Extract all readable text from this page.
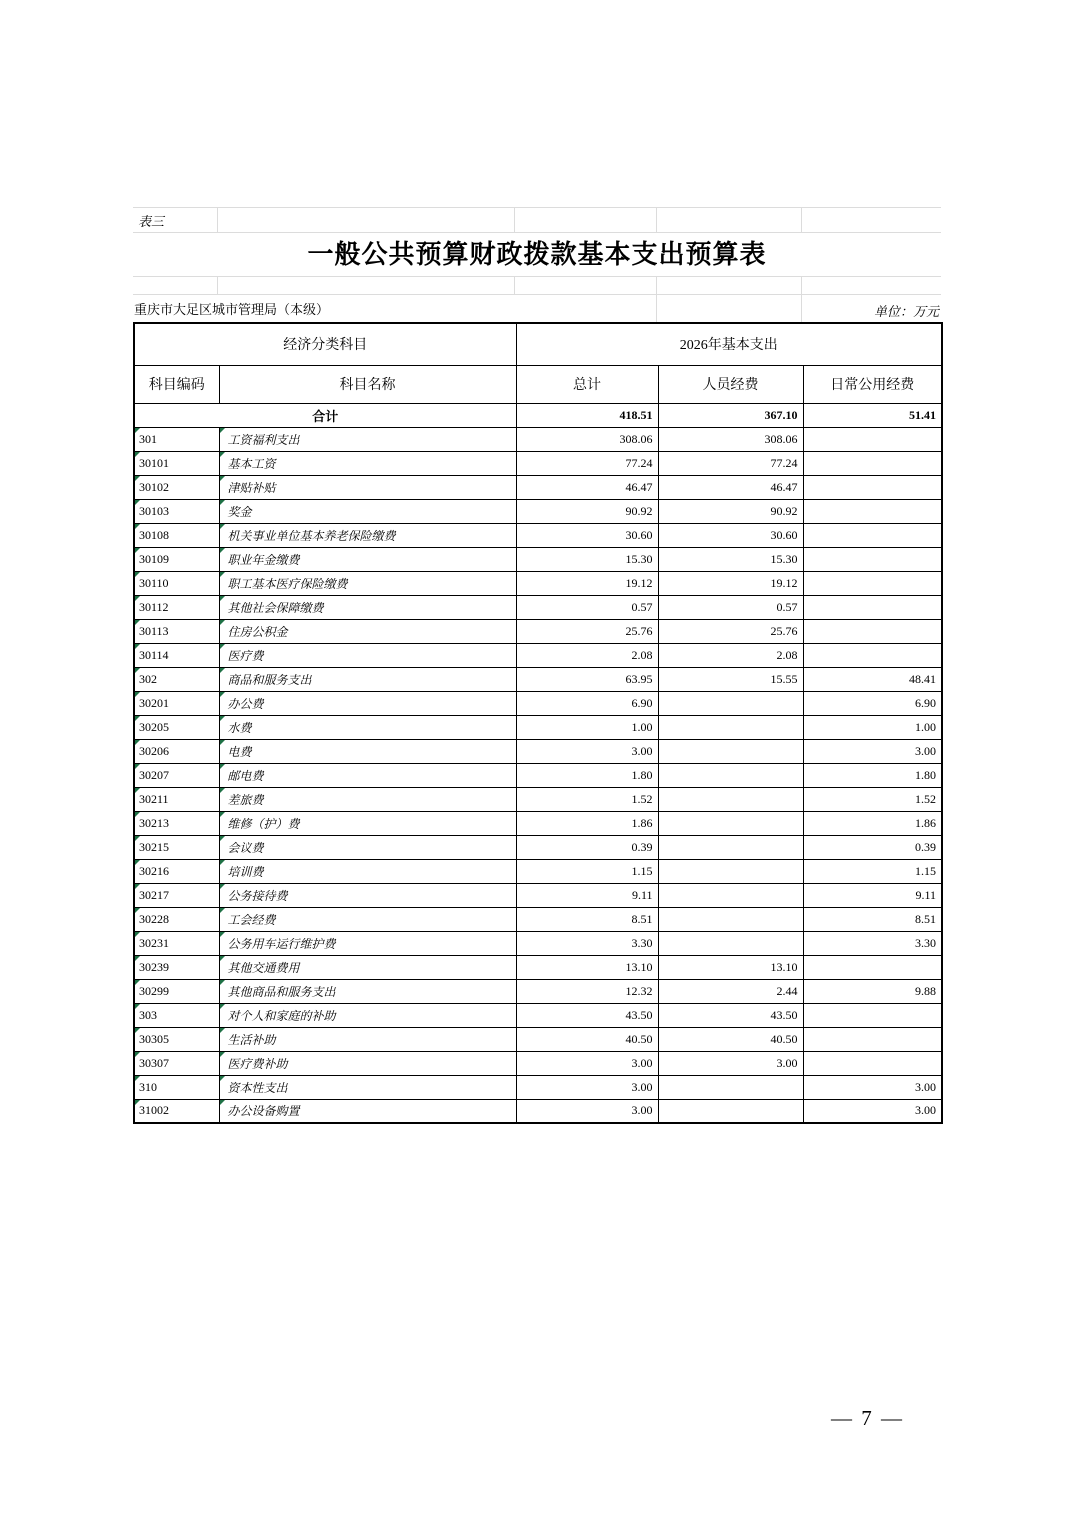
表三
一般公共预算财政拨款基本支出预算表
重庆市大足区城市管理局（本级）	单位：万元
经济分类科目		2026年基本支出		
科目编码	科目名称	总计	人员经费	日常公用经费
合计		418.51	367.10	51.41

301	工资福利支出	308.06	308.06	

30101	基本工资	77.24	77.24	

30102	津贴补贴	46.47	46.47	

30103	奖金	90.92	90.92	

30108	机关事业单位基本养老保险缴费	30.60	30.60	

30109	职业年金缴费	15.30	15.30	

30110	职工基本医疗保险缴费	19.12	19.12	

30112	其他社会保障缴费	0.57	0.57	

30113	住房公积金	25.76	25.76	

30114	医疗费	2.08	2.08	

302	商品和服务支出	63.95	15.55	48.41

30201	办公费	6.90		6.90

30205	水费	1.00		1.00

30206	电费	3.00		3.00

30207	邮电费	1.80		1.80

30211	差旅费	1.52		1.52

30213	维修（护）费	1.86		1.86

30215	会议费	0.39		0.39

30216	培训费	1.15		1.15

30217	公务接待费	9.11		9.11

30228	工会经费	8.51		8.51

30231	公务用车运行维护费	3.30		3.30

30239	其他交通费用	13.10	13.10	

30299	其他商品和服务支出	12.32	2.44	9.88

303	对个人和家庭的补助	43.50	43.50	

30305	生活补助	40.50	40.50	

30307	医疗费补助	3.00	3.00	

310	资本性支出	3.00		3.00

31002	办公设备购置	3.00		3.00
— 7 —
